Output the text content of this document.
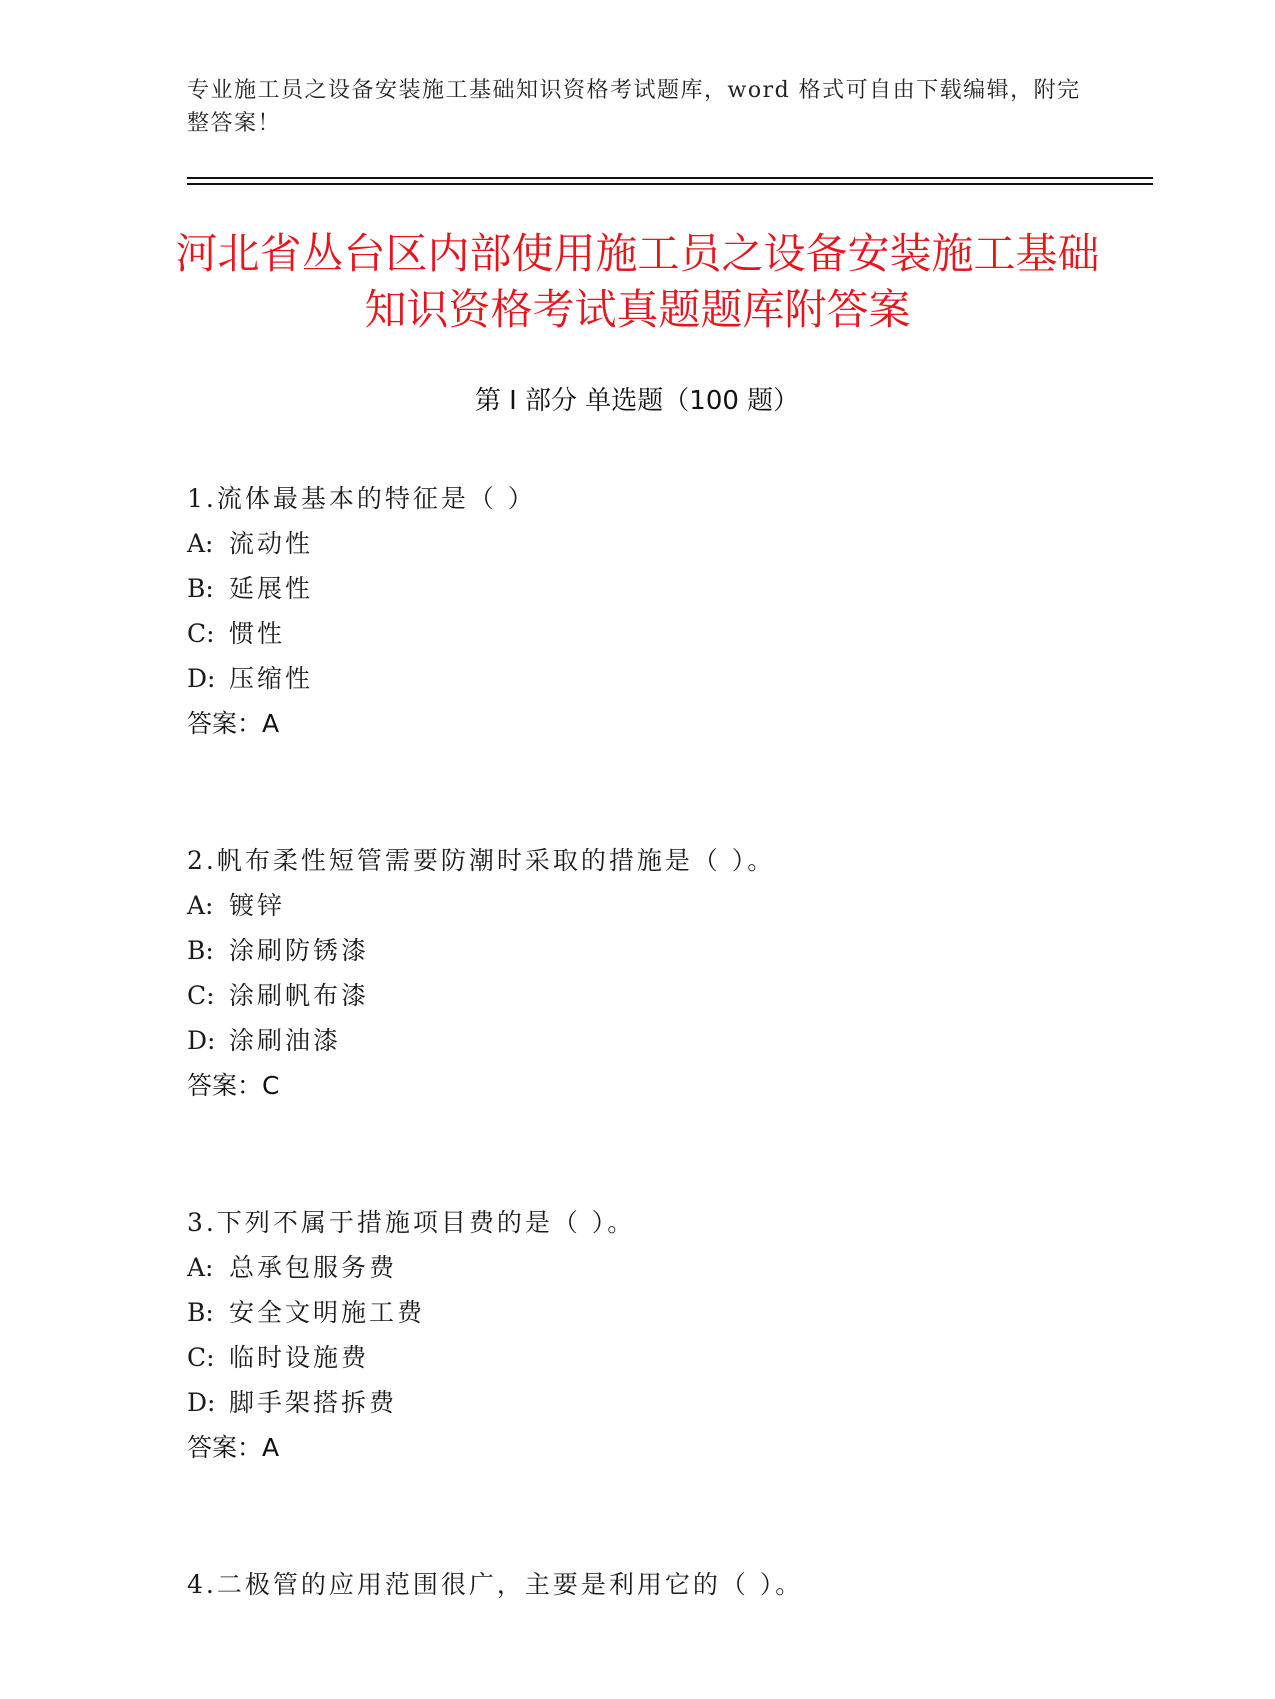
专业施工员之设备安装施工基础知识资格考试题库，word 格式可自由下载编辑，附完整答案！
河北省丛台区内部使用施工员之设备安装施工基础知识资格考试真题题库附答案
第 I 部分 单选题（100 题）
1.流体最基本的特征是（ ）
A: 流动性
B: 延展性
C: 惯性
D: 压缩性
答案：A
2.帆布柔性短管需要防潮时采取的措施是（ ）。
A: 镀锌
B: 涂刷防锈漆
C: 涂刷帆布漆
D: 涂刷油漆
答案：C
3.下列不属于措施项目费的是（ ）。
A: 总承包服务费
B: 安全文明施工费
C: 临时设施费
D: 脚手架搭拆费
答案：A
4.二极管的应用范围很广，主要是利用它的（ ）。
